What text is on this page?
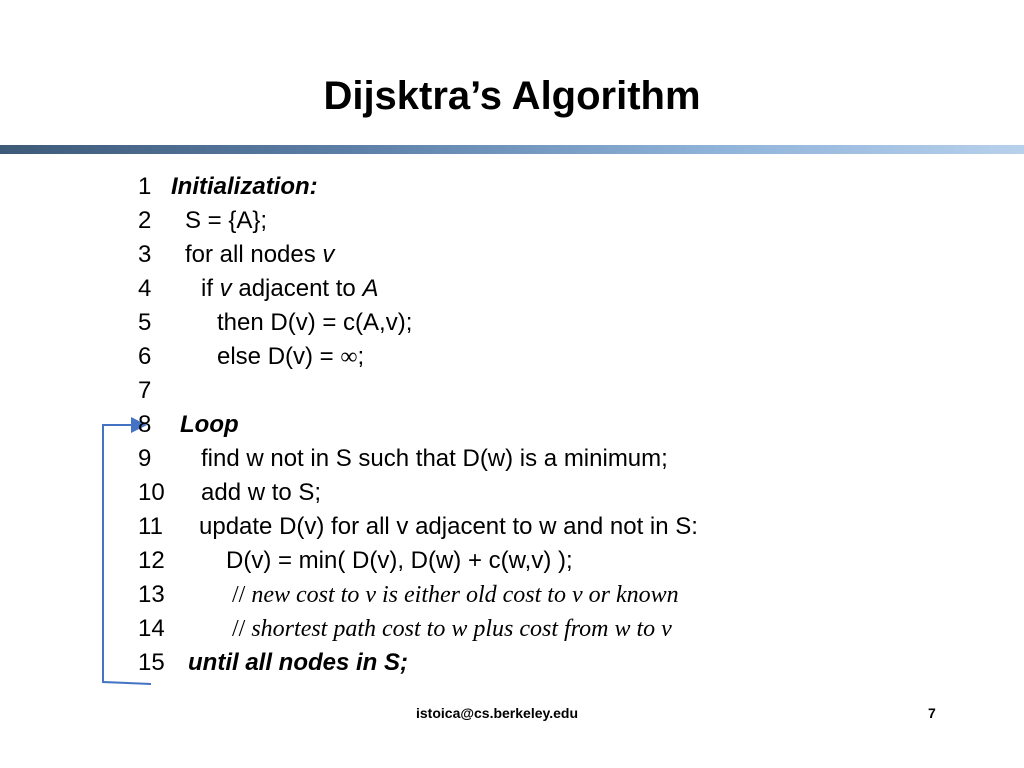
Dijsktra’s Algorithm
1 Initialization:
2	S = {A};
3	for all nodes v
4	if v adjacent to A
5	then D(v) = c(A,v);
6	else D(v) = ∞;
7
8	Loop
9	find w not in S such that D(w) is a minimum;
10	add w to S;
11	update D(v) for all v adjacent to w and not in S:
12	D(v) = min( D(v), D(w) + c(w,v) );
13	// new cost to v is either old cost to v or known
14	// shortest path cost to w plus cost from w to v
15 until all nodes in S;
istoica@cs.berkeley.edu	7
